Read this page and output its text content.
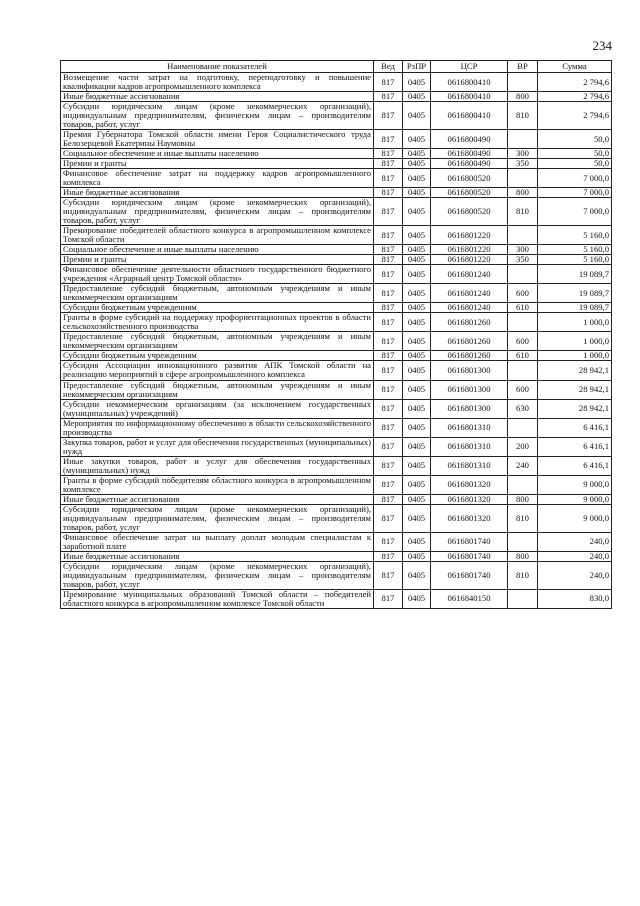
234
Наименование показателей	Вед	РзПР	ЦСР	ВР	Сумма
Возмещение части затрат на подготовку, переподготовку и повышение квалификации кадров агропромышленного комплекса	817	0405	0616800410		2 794,6
Иные бюджетные ассигнования	817	0405	0616800410	800	2 794,6
Субсидии юридическим лицам (кроме некоммерческих организаций), индивидуальным предпринимателям, физическим лицам – производителям товаров, работ, услуг	817	0405	0616800410	810	2 794,6
Премия Губернатора Томской области имени Героя Социалистического труда Белозерцевой Екатерины Наумовны	817	0405	0616800490		50,0
Социальное обеспечение и иные выплаты населению	817	0405	0616800490	300	50,0
Премии и гранты	817	0405	0616800490	350	50,0
Финансовое обеспечение затрат на поддержку кадров агропромышленного комплекса	817	0405	0616800520		7 000,0
Иные бюджетные ассигнования	817	0405	0616800520	800	7 000,0
Субсидии юридическим лицам (кроме некоммерческих организаций), индивидуальным предпринимателям, физическим лицам – производителям товаров, работ, услуг	817	0405	0616800520	810	7 000,0
Премирование победителей областного конкурса в агропромышленном комплексе Томской области	817	0405	0616801220		5 160,0
Социальное обеспечение и иные выплаты населению	817	0405	0616801220	300	5 160,0
Премии и гранты	817	0405	0616801220	350	5 160,0
Финансовое обеспечение деятельности областного государственного бюджетного учреждения «Аграрный центр Томской области»	817	0405	0616801240		19 089,7
Предоставление субсидий бюджетным, автономным учреждениям и иным некоммерческим организациям	817	0405	0616801240	600	19 089,7
Субсидии бюджетным учреждениям	817	0405	0616801240	610	19 089,7
Гранты в форме субсидий на поддержку профориентационных проектов в области сельскохозяйственного производства	817	0405	0616801260		1 000,0
Предоставление субсидий бюджетным, автономным учреждениям и иным некоммерческим организациям	817	0405	0616801260	600	1 000,0
Субсидии бюджетным учреждениям	817	0405	0616801260	610	1 000,0
Субсидия Ассоциации инновационного развития АПК Томской области на реализацию мероприятий в сфере агропромышленного комплекса	817	0405	0616801300		28 942,1
Предоставление субсидий бюджетным, автономным учреждениям и иным некоммерческим организациям	817	0405	0616801300	600	28 942,1
Субсидии некоммерческим организациям (за исключением государственных (муниципальных) учреждений)	817	0405	0616801300	630	28 942,1
Мероприятия по информационному обеспечению в области сельскохозяйственного производства	817	0405	0616801310		6 416,1
Закупка товаров, работ и услуг для обеспечения государственных (муниципальных) нужд	817	0405	0616801310	200	6 416,1
Иные закупки товаров, работ и услуг для обеспечения государственных (муниципальных) нужд	817	0405	0616801310	240	6 416,1
Гранты в форме субсидий победителям областного конкурса в агропромышленном комплексе	817	0405	0616801320		9 000,0
Иные бюджетные ассигнования	817	0405	0616801320	800	9 000,0
Субсидии юридическим лицам (кроме некоммерческих организаций), индивидуальным предпринимателям, физическим лицам – производителям товаров, работ, услуг	817	0405	0616801320	810	9 000,0
Финансовое обеспечение затрат на выплату доплат молодым специалистам к заработной плате	817	0405	0616801740		240,0
Иные бюджетные ассигнования	817	0405	0616801740	800	240,0
Субсидии юридическим лицам (кроме некоммерческих организаций), индивидуальным предпринимателям, физическим лицам – производителям товаров, работ, услуг	817	0405	0616801740	810	240,0
Премирование муниципальных образований Томской области – победителей областного конкурса в агропромышленном комплексе Томской области	817	0405	0616840150		830,0
